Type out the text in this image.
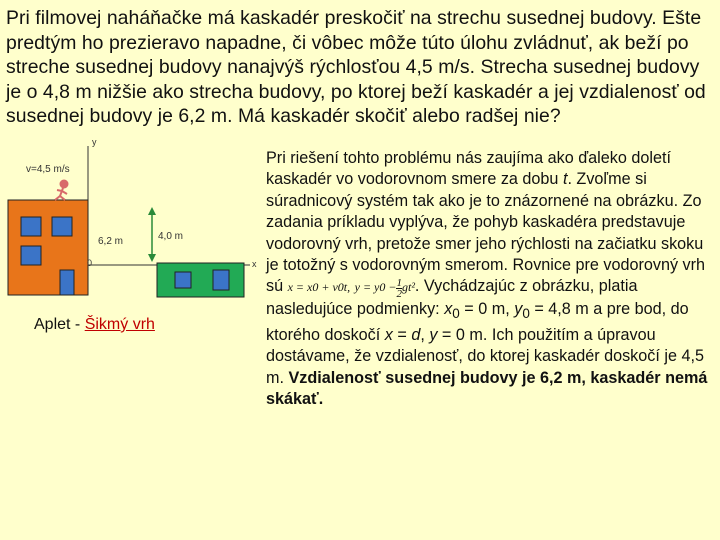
Pri filmovej naháňačke má kaskadér preskočiť na strechu susednej budovy. Ešte predtým ho prezieravo napadne, či vôbec môže túto úlohu zvládnuť, ak beží po streche susednej budovy nanajvýš rýchlosťou 4,5 m/s. Strecha susednej budovy je o 4,8 m nižšie ako strecha budovy, po ktorej beží kaskadér a jej vzdialenosť od susednej budovy je 6,2 m. Má kaskadér skočiť alebo radšej nie?
y
v=4,5 m/s
6,2 m
0	x
4,0 m
Aplet - Šikmý vrh
Pri riešení tohto problému nás zaujíma ako ďaleko doletí kaskadér vo vodorovnom smere za dobu t. Zvoľme si súradnicový systém tak ako je to znázornené na obrázku. Zo zadania príkladu vyplýva, že pohyb kaskadéra predstavuje vodorovný vrh, pretože smer jeho rýchlosti na začiatku skoku je totožný s vodorovným smerom. Rovnice pre vodorovný vrh sú x = x0 + v0t, $y = y0 - \frac{1}{2} gt^2$. Vychádzajúc z obrázku, platia nasledujúce podmienky: $x_0 = 0$ m, $y_0 = 4,8$ m a pre bod, do ktorého doskočí x = d, y = 0 m. Ich použitím a úpravou dostávame, že vzdialenosť, do ktorej kaskadér doskočí je 4,5 m. Vzdialenosť susednej budovy je 6,2 m, kaskadér nemá skákať.
